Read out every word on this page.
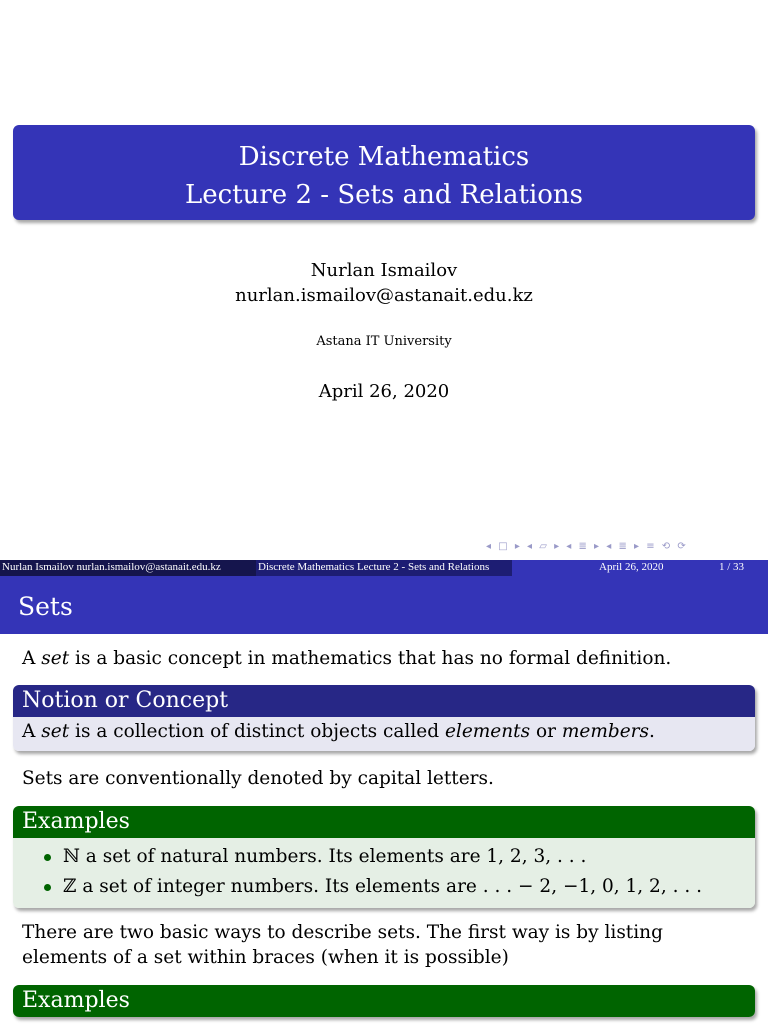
Discrete Mathematics
Lecture 2 - Sets and Relations
Nurlan Ismailov
nurlan.ismailov@astanait.edu.kz
Astana IT University
April 26, 2020
◂ □ ▸ ◂ ▱ ▸ ◂ ≣ ▸ ◂ ≣ ▸ ≡ ⟲ ⟳
Nurlan Ismailov nurlan.ismailov@astanait.edu.kz	Discrete Mathematics Lecture 2 - Sets and Relations	April 26, 2020	1 / 33
Sets
A set is a basic concept in mathematics that has no formal definition.
Notion or Concept
A set is a collection of distinct objects called elements or members.
Sets are conventionally denoted by capital letters.
Examples
ℕ a set of natural numbers. Its elements are 1, 2, 3, . . .
ℤ a set of integer numbers. Its elements are . . . − 2, −1, 0, 1, 2, . . .
There are two basic ways to describe sets. The first way is by listing elements of a set within braces (when it is possible)
Examples
